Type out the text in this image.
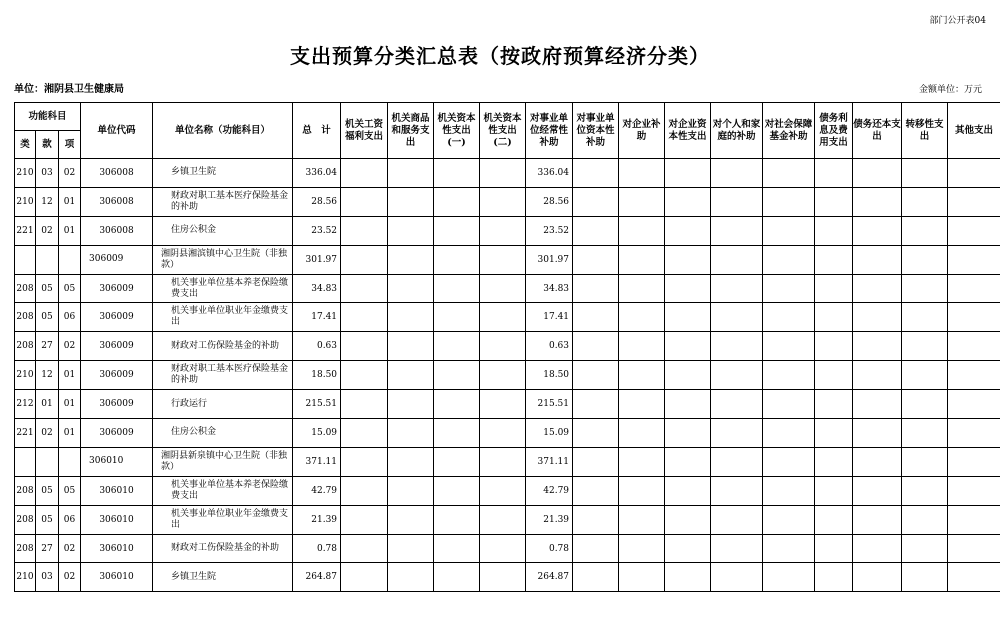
部门公开表04
支出预算分类汇总表（按政府预算经济分类）
单位：湘阴县卫生健康局	金额单位：万元
功能科目			单位代码	单位名称（功能科目）	总　计	机关工资福利支出	机关商品和服务支出	机关资本性支出(一)	机关资本性支出(二)	对事业单位经常性补助	对事业单位资本性补助	对企业补助	对企业资本性支出	对个人和家庭的补助	对社会保障基金补助	债务利息及费用支出	债务还本支出	转移性支出	其他支出
类	款	项																	
210	03	02	306008	乡镇卫生院	336.04					336.04									
210	12	01	306008	财政对职工基本医疗保险基金的补助	28.56					28.56									
221	02	01	306008	住房公积金	23.52					23.52									
			306009	湘阴县湘滨镇中心卫生院（非独款）	301.97					301.97									
208	05	05	306009	机关事业单位基本养老保险缴费支出	34.83					34.83									
208	05	06	306009	机关事业单位职业年金缴费支出	17.41					17.41									
208	27	02	306009	财政对工伤保险基金的补助	0.63					0.63									
210	12	01	306009	财政对职工基本医疗保险基金的补助	18.50					18.50									
212	01	01	306009	行政运行	215.51					215.51									
221	02	01	306009	住房公积金	15.09					15.09									
			306010	湘阴县新泉镇中心卫生院（非独款）	371.11					371.11									
208	05	05	306010	机关事业单位基本养老保险缴费支出	42.79					42.79									
208	05	06	306010	机关事业单位职业年金缴费支出	21.39					21.39									
208	27	02	306010	财政对工伤保险基金的补助	0.78					0.78									
210	03	02	306010	乡镇卫生院	264.87					264.87									
